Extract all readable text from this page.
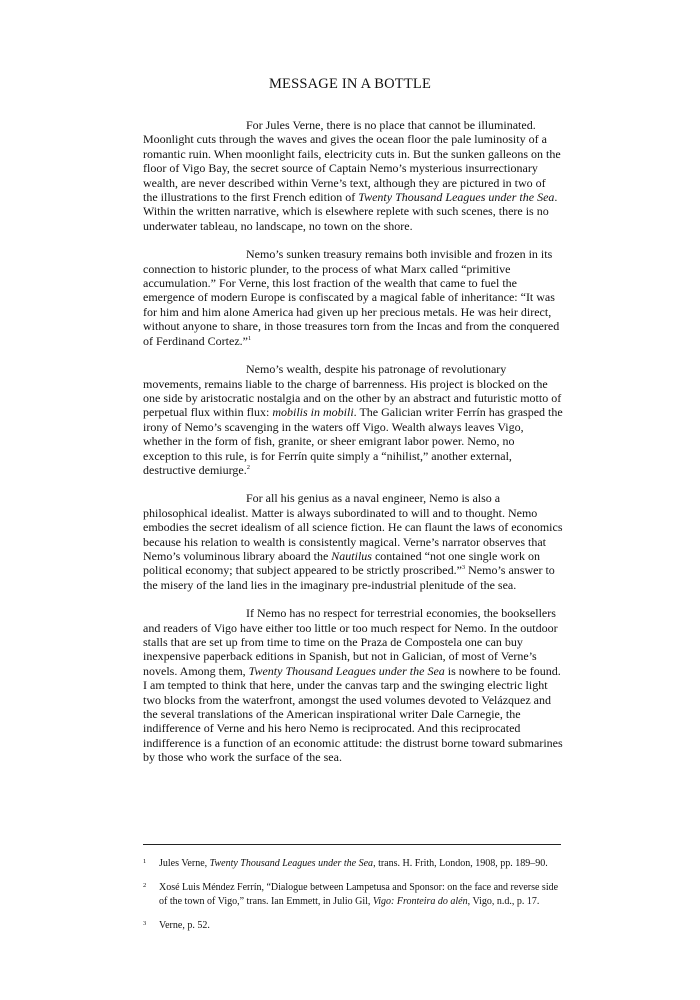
MESSAGE IN A BOTTLE

For Jules Verne, there is no place that cannot be illuminated. Moonlight cuts through the waves and gives the ocean floor the pale luminosity of a romantic ruin. When moonlight fails, electricity cuts in. But the sunken galleons on the floor of Vigo Bay, the secret source of Captain Nemo’s mysterious insurrectionary wealth, are never described within Verne’s text, although they are pictured in two of the illustrations to the first French edition of Twenty Thousand Leagues under the Sea. Within the written narrative, which is elsewhere replete with such scenes, there is no underwater tableau, no landscape, no town on the shore.

Nemo’s sunken treasury remains both invisible and frozen in its connection to historic plunder, to the process of what Marx called “primitive accumulation.” For Verne, this lost fraction of the wealth that came to fuel the emergence of modern Europe is confiscated by a magical fable of inheritance: “It was for him and him alone America had given up her precious metals. He was heir direct, without anyone to share, in those treasures torn from the Incas and from the conquered of Ferdinand Cortez.”$^1$

Nemo’s wealth, despite his patronage of revolutionary movements, remains liable to the charge of barrenness. His project is blocked on the one side by aristocratic nostalgia and on the other by an abstract and futuristic motto of perpetual flux within flux: mobilis in mobili. The Galician writer Ferrín has grasped the irony of Nemo’s scavenging in the waters off Vigo. Wealth always leaves Vigo, whether in the form of fish, granite, or sheer emigrant labor power. Nemo, no exception to this rule, is for Ferrín quite simply a “nihilist,” another external, destructive demiurge.$^2$

For all his genius as a naval engineer, Nemo is also a philosophical idealist. Matter is always subordinated to will and to thought. Nemo embodies the secret idealism of all science fiction. He can flaunt the laws of economics because his relation to wealth is consistently magical. Verne’s narrator observes that Nemo’s voluminous library aboard the Nautilus contained “not one single work on political economy; that subject appeared to be strictly proscribed.”$^3$ Nemo’s answer to the misery of the land lies in the imaginary pre-industrial plenitude of the sea.

If Nemo has no respect for terrestrial economies, the booksellers and readers of Vigo have either too little or too much respect for Nemo. In the outdoor stalls that are set up from time to time on the Praza de Compostela one can buy inexpensive paperback editions in Spanish, but not in Galician, of most of Verne’s novels. Among them, Twenty Thousand Leagues under the Sea is nowhere to be found. I am tempted to think that here, under the canvas tarp and the swinging electric light two blocks from the waterfront, amongst the used volumes devoted to Velázquez and the several translations of the American inspirational writer Dale Carnegie, the indifference of Verne and his hero Nemo is reciprocated. And this reciprocated indifference is a function of an economic attitude: the distrust borne toward submarines by those who work the surface of the sea.

1	Jules Verne, Twenty Thousand Leagues under the Sea, trans. H. Frith, London, 1908, pp. 189–90.
2	Xosé Luis Méndez Ferrín, “Dialogue between Lampetusa and Sponsor: on the face and reverse side of the town of Vigo,” trans. Ian Emmett, in Julio Gil, Vigo: Fronteira do alén, Vigo, n.d., p. 17.
3	Verne, p. 52.
